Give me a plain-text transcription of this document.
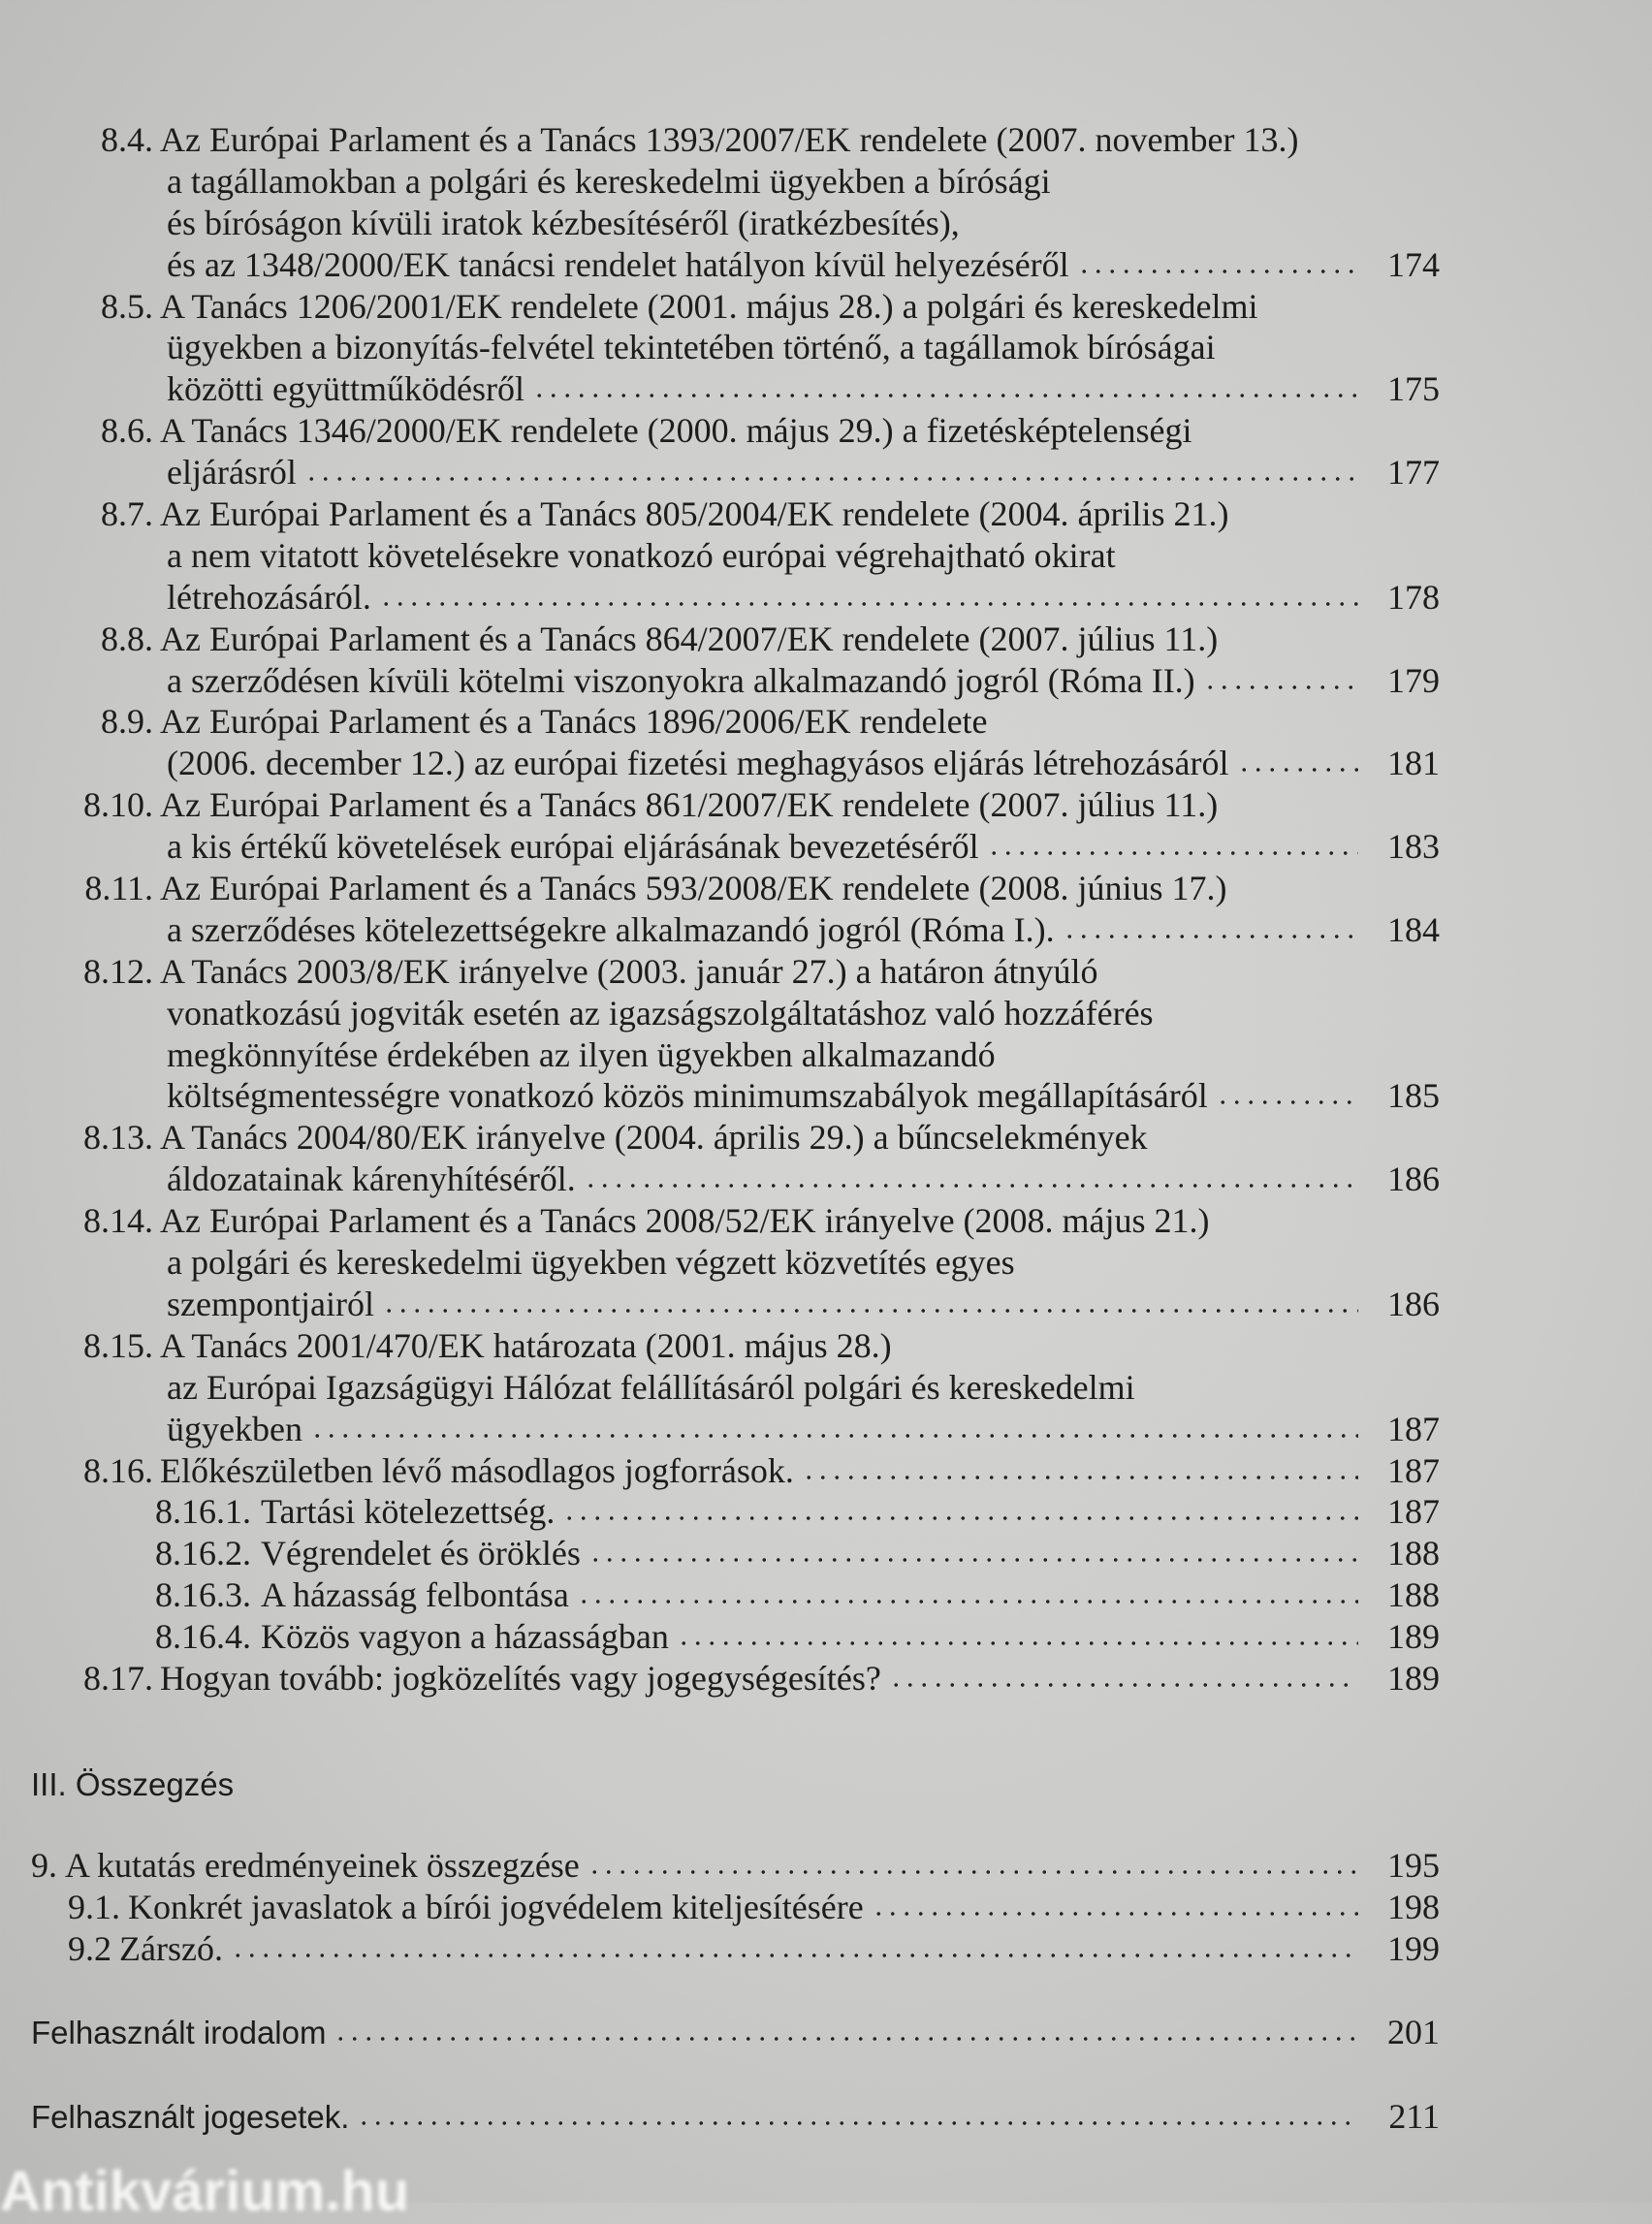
8.4. Az Európai Parlament és a Tanács 1393/2007/EK rendelete (2007. november 13.)
a tagállamokban a polgári és kereskedelmi ügyekben a bírósági
és bíróságon kívüli iratok kézbesítéséről (iratkézbesítés),
és az 1348/2000/EK tanácsi rendelet hatályon kívül helyezéséről	174
8.5. A Tanács 1206/2001/EK rendelete (2001. május 28.) a polgári és kereskedelmi
ügyekben a bizonyítás-felvétel tekintetében történő, a tagállamok bíróságai
közötti együttműködésről	175
8.6. A Tanács 1346/2000/EK rendelete (2000. május 29.) a fizetésképtelenségi
eljárásról	177
8.7. Az Európai Parlament és a Tanács 805/2004/EK rendelete (2004. április 21.)
a nem vitatott követelésekre vonatkozó európai végrehajtható okirat
létrehozásáról.	178
8.8. Az Európai Parlament és a Tanács 864/2007/EK rendelete (2007. július 11.)
a szerződésen kívüli kötelmi viszonyokra alkalmazandó jogról (Róma II.)	179
8.9. Az Európai Parlament és a Tanács 1896/2006/EK rendelete
(2006. december 12.) az európai fizetési meghagyásos eljárás létrehozásáról	181
8.10. Az Európai Parlament és a Tanács 861/2007/EK rendelete (2007. július 11.)
a kis értékű követelések európai eljárásának bevezetéséről	183
8.11. Az Európai Parlament és a Tanács 593/2008/EK rendelete (2008. június 17.)
a szerződéses kötelezettségekre alkalmazandó jogról (Róma I.).	184
8.12. A Tanács 2003/8/EK irányelve (2003. január 27.) a határon átnyúló
vonatkozású jogviták esetén az igazságszolgáltatáshoz való hozzáférés
megkönnyítése érdekében az ilyen ügyekben alkalmazandó
költségmentességre vonatkozó közös minimumszabályok megállapításáról	185
8.13. A Tanács 2004/80/EK irányelve (2004. április 29.) a bűncselekmények
áldozatainak kárenyhítéséről.	186
8.14. Az Európai Parlament és a Tanács 2008/52/EK irányelve (2008. május 21.)
a polgári és kereskedelmi ügyekben végzett közvetítés egyes
szempontjairól	186
8.15. A Tanács 2001/470/EK határozata (2001. május 28.)
az Európai Igazságügyi Hálózat felállításáról polgári és kereskedelmi
ügyekben	187
8.16. Előkészületben lévő másodlagos jogforrások.	187
8.16.1. Tartási kötelezettség.	187
8.16.2. Végrendelet és öröklés	188
8.16.3. A házasság felbontása	188
8.16.4. Közös vagyon a házasságban	189
8.17. Hogyan tovább: jogközelítés vagy jogegységesítés?	189
III. Összegzés
9. A kutatás eredményeinek összegzése	195
9.1. Konkrét javaslatok a bírói jogvédelem kiteljesítésére	198
9.2 Zárszó.	199
Felhasznált irodalom	201
Felhasznált jogesetek.	211
Antikvárium.hu
